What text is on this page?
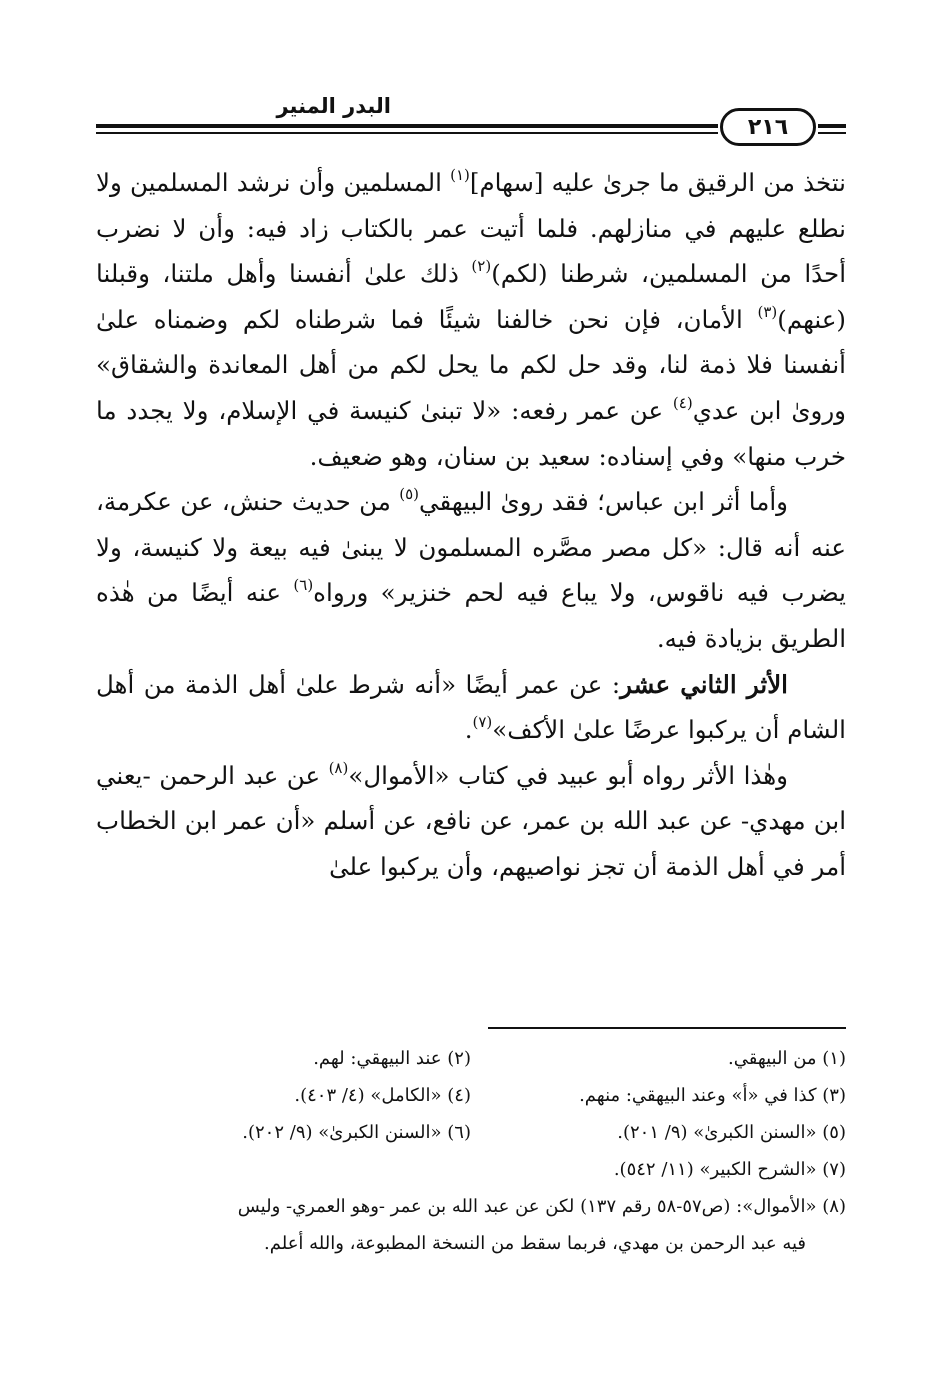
البدر المنير
٢١٦

نتخذ من الرقيق ما جرىٰ عليه [سهام]$^{(١)}$ المسلمين وأن نرشد المسلمين ولا نطلع عليهم في منازلهم. فلما أتيت عمر بالكتاب زاد فيه: وأن لا نضرب أحدًا من المسلمين، شرطنا (لكم)$^{(٢)}$ ذلك علىٰ أنفسنا وأهل ملتنا، وقبلنا (عنهم)$^{(٣)}$ الأمان، فإن نحن خالفنا شيئًا فما شرطناه لكم وضمناه علىٰ أنفسنا فلا ذمة لنا، وقد حل لكم ما يحل لكم من أهل المعاندة والشقاق» وروىٰ ابن عدي$^{(٤)}$ عن عمر رفعه: «لا تبنىٰ كنيسة في الإسلام، ولا يجدد ما خرب منها» وفي إسناده: سعيد بن سنان، وهو ضعيف.

وأما أثر ابن عباس؛ فقد روىٰ البيهقي$^{(٥)}$ من حديث حنش، عن عكرمة، عنه أنه قال: «كل مصر مصَّره المسلمون لا يبنىٰ فيه بيعة ولا كنيسة، ولا يضرب فيه ناقوس، ولا يباع فيه لحم خنزير» ورواه$^{(٦)}$ عنه أيضًا من هٰذه الطريق بزيادة فيه.

الأثر الثاني عشر: عن عمر أيضًا «أنه شرط علىٰ أهل الذمة من أهل الشام أن يركبوا عرضًا علىٰ الأكف»$^{(٧)}$.

وهٰذا الأثر رواه أبو عبيد في كتاب «الأموال»$^{(٨)}$ عن عبد الرحمن -يعني ابن مهدي- عن عبد الله بن عمر، عن نافع، عن أسلم «أن عمر ابن الخطاب أمر في أهل الذمة أن تجز نواصيهم، وأن يركبوا علىٰ

(١) من البيهقي.
(٢) عند البيهقي: لهم.
(٣) كذا في «أ» وعند البيهقي: منهم.
(٤) «الكامل» (٤/ ٤٠٣).
(٥) «السنن الكبرىٰ» (٩/ ٢٠١).
(٦) «السنن الكبرىٰ» (٩/ ٢٠٢).
(٧) «الشرح الكبير» (١١/ ٥٤٢).
(٨) «الأموال»: (ص٥٧-٥٨ رقم ١٣٧) لكن عن عبد الله بن عمر -وهو العمري- وليس
فيه عبد الرحمن بن مهدي، فربما سقط من النسخة المطبوعة، والله أعلم.
